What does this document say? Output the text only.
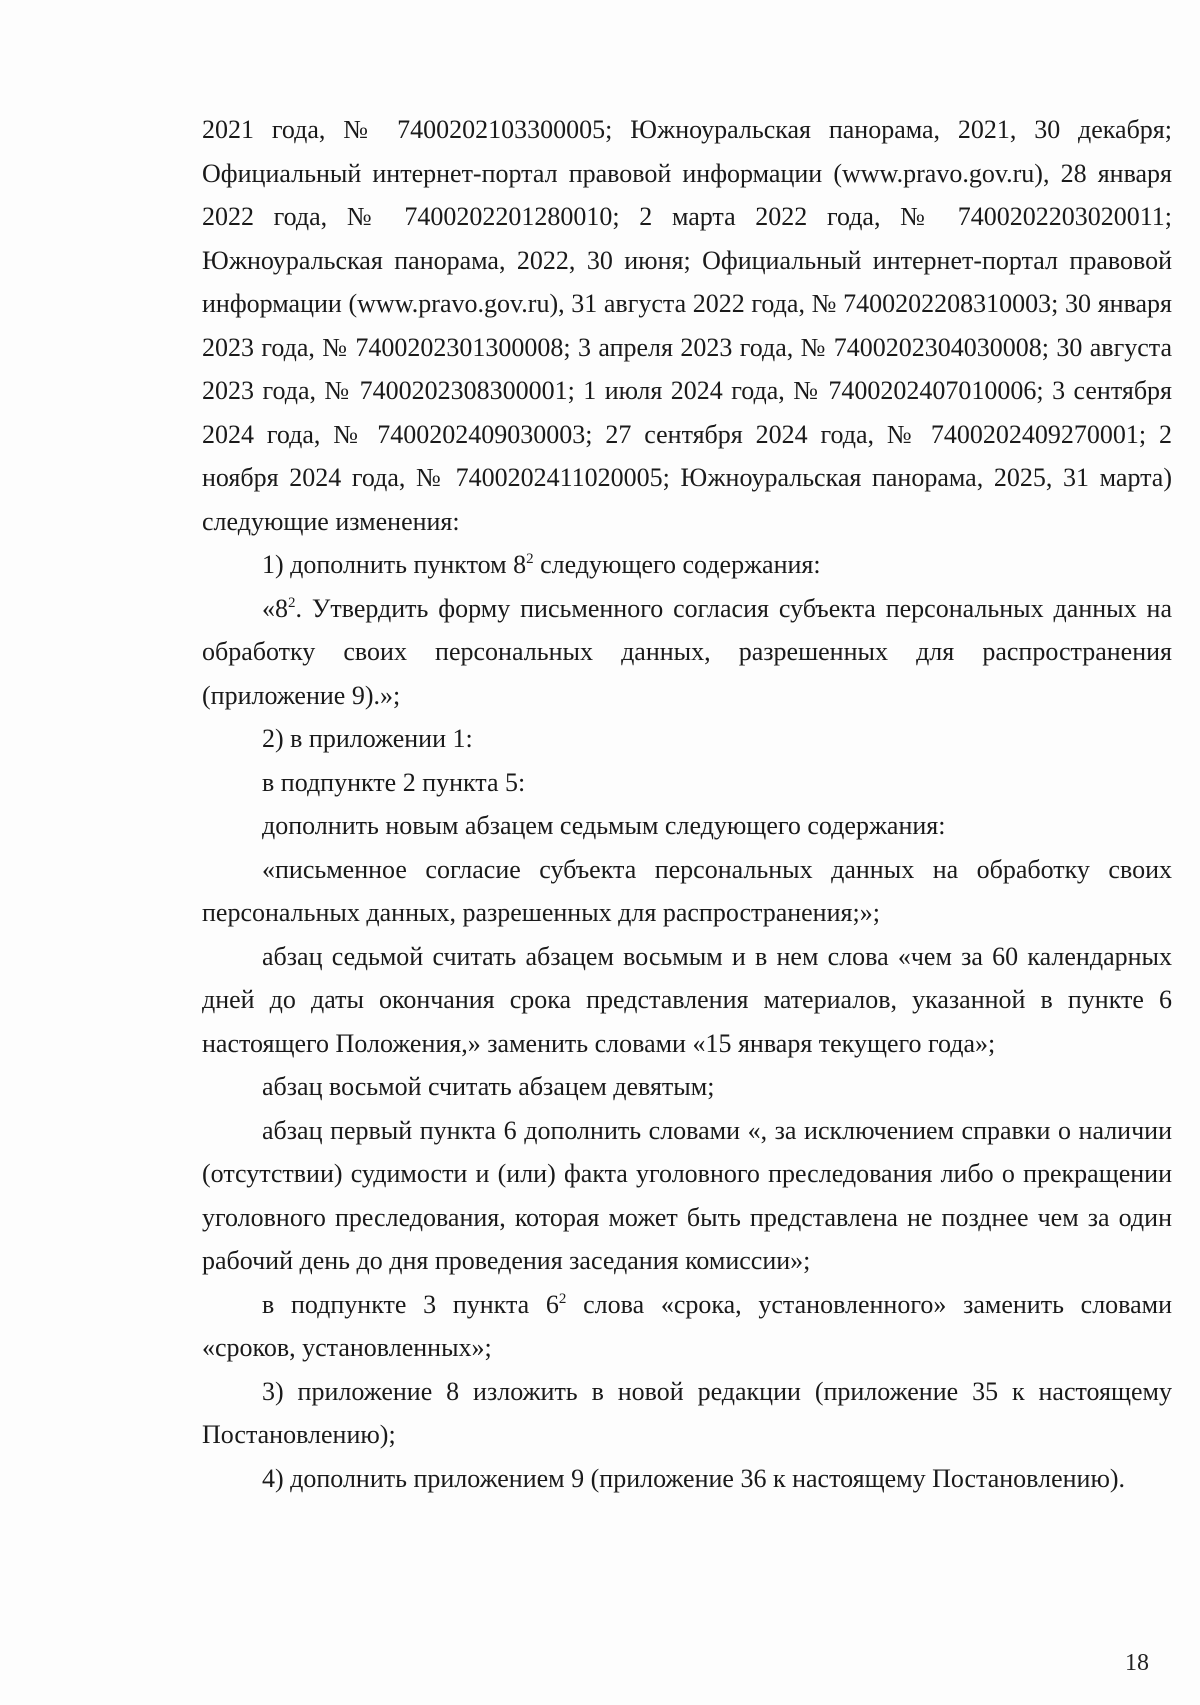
2021 года, № 7400202103300005; Южноуральская панорама, 2021, 30 декабря; Официальный интернет-портал правовой информации (www.pravo.gov.ru), 28 января 2022 года, № 7400202201280010; 2 марта 2022 года, № 7400202203020011; Южноуральская панорама, 2022, 30 июня; Официальный интернет-портал правовой информации (www.pravo.gov.ru), 31 августа 2022 года, № 7400202208310003; 30 января 2023 года, № 7400202301300008; 3 апреля 2023 года, № 7400202304030008; 30 августа 2023 года, № 7400202308300001; 1 июля 2024 года, № 7400202407010006; 3 сентября 2024 года, № 7400202409030003; 27 сентября 2024 года, № 7400202409270001; 2 ноября 2024 года, № 7400202411020005; Южноуральская панорама, 2025, 31 марта) следующие изменения:

1) дополнить пунктом $8^2$ следующего содержания:

«$8^2$. Утвердить форму письменного согласия субъекта персональных данных на обработку своих персональных данных, разрешенных для распространения (приложение 9).»;

2) в приложении 1:

в подпункте 2 пункта 5:

дополнить новым абзацем седьмым следующего содержания:

«письменное согласие субъекта персональных данных на обработку своих персональных данных, разрешенных для распространения;»;

абзац седьмой считать абзацем восьмым и в нем слова «чем за 60 календарных дней до даты окончания срока представления материалов, указанной в пункте 6 настоящего Положения,» заменить словами «15 января текущего года»;

абзац восьмой считать абзацем девятым;

абзац первый пункта 6 дополнить словами «, за исключением справки о наличии (отсутствии) судимости и (или) факта уголовного преследования либо о прекращении уголовного преследования, которая может быть представлена не позднее чем за один рабочий день до дня проведения заседания комиссии»;

в подпункте 3 пункта $6^2$ слова «срока, установленного» заменить словами «сроков, установленных»;

3) приложение 8 изложить в новой редакции (приложение 35 к настоящему Постановлению);

4) дополнить приложением 9 (приложение 36 к настоящему Постановлению).

18
